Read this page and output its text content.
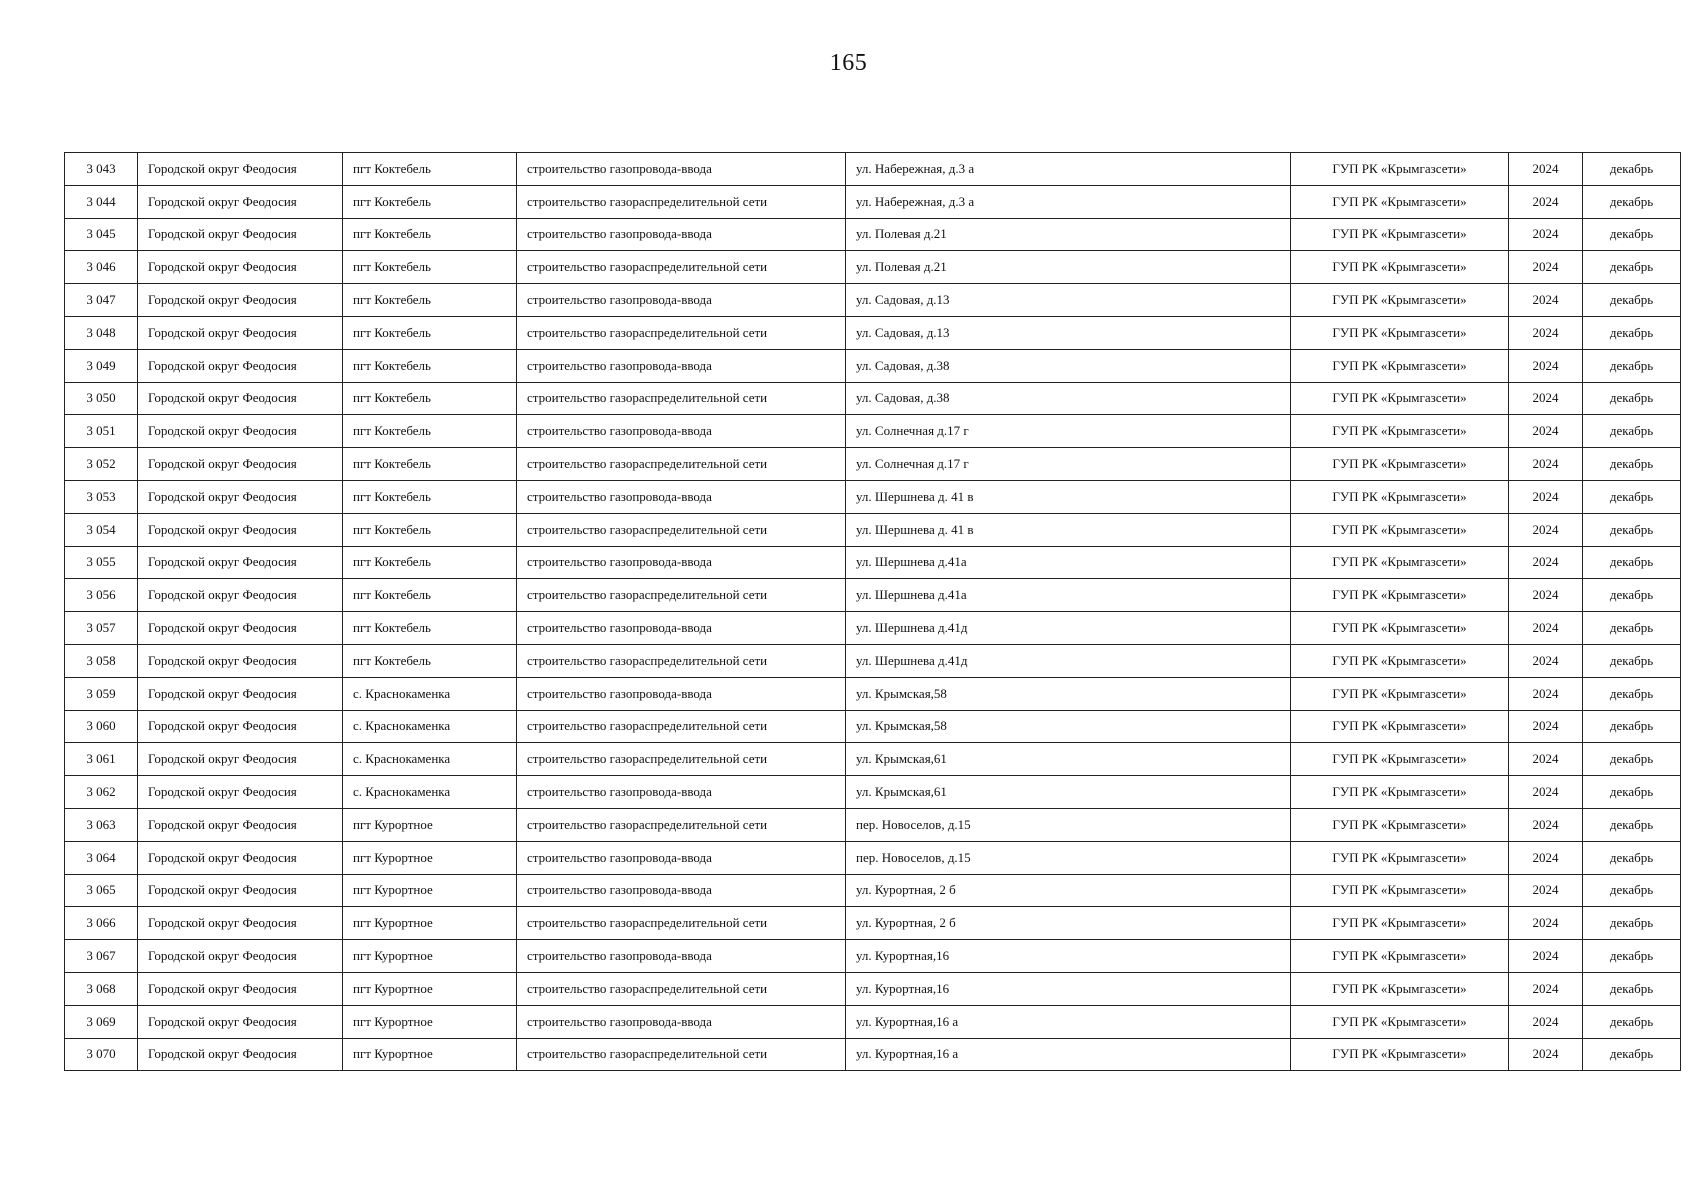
165
3 043	Городской округ Феодосия	пгт Коктебель	строительство газопровода-ввода	ул. Набережная, д.3 а	ГУП РК «Крымгазсети»	2024	декабрь
3 044	Городской округ Феодосия	пгт Коктебель	строительство газораспределительной сети	ул. Набережная, д.3 а	ГУП РК «Крымгазсети»	2024	декабрь
3 045	Городской округ Феодосия	пгт Коктебель	строительство газопровода-ввода	ул. Полевая д.21	ГУП РК «Крымгазсети»	2024	декабрь
3 046	Городской округ Феодосия	пгт Коктебель	строительство газораспределительной сети	ул. Полевая д.21	ГУП РК «Крымгазсети»	2024	декабрь
3 047	Городской округ Феодосия	пгт Коктебель	строительство газопровода-ввода	ул. Садовая, д.13	ГУП РК «Крымгазсети»	2024	декабрь
3 048	Городской округ Феодосия	пгт Коктебель	строительство газораспределительной сети	ул. Садовая, д.13	ГУП РК «Крымгазсети»	2024	декабрь
3 049	Городской округ Феодосия	пгт Коктебель	строительство газопровода-ввода	ул. Садовая, д.38	ГУП РК «Крымгазсети»	2024	декабрь
3 050	Городской округ Феодосия	пгт Коктебель	строительство газораспределительной сети	ул. Садовая, д.38	ГУП РК «Крымгазсети»	2024	декабрь
3 051	Городской округ Феодосия	пгт Коктебель	строительство газопровода-ввода	ул. Солнечная д.17 г	ГУП РК «Крымгазсети»	2024	декабрь
3 052	Городской округ Феодосия	пгт Коктебель	строительство газораспределительной сети	ул. Солнечная д.17 г	ГУП РК «Крымгазсети»	2024	декабрь
3 053	Городской округ Феодосия	пгт Коктебель	строительство газопровода-ввода	ул. Шершнева д. 41 в	ГУП РК «Крымгазсети»	2024	декабрь
3 054	Городской округ Феодосия	пгт Коктебель	строительство газораспределительной сети	ул. Шершнева д. 41 в	ГУП РК «Крымгазсети»	2024	декабрь
3 055	Городской округ Феодосия	пгт Коктебель	строительство газопровода-ввода	ул. Шершнева д.41а	ГУП РК «Крымгазсети»	2024	декабрь
3 056	Городской округ Феодосия	пгт Коктебель	строительство газораспределительной сети	ул. Шершнева д.41а	ГУП РК «Крымгазсети»	2024	декабрь
3 057	Городской округ Феодосия	пгт Коктебель	строительство газопровода-ввода	ул. Шершнева д.41д	ГУП РК «Крымгазсети»	2024	декабрь
3 058	Городской округ Феодосия	пгт Коктебель	строительство газораспределительной сети	ул. Шершнева д.41д	ГУП РК «Крымгазсети»	2024	декабрь
3 059	Городской округ Феодосия	с. Краснокаменка	строительство газопровода-ввода	ул. Крымская,58	ГУП РК «Крымгазсети»	2024	декабрь
3 060	Городской округ Феодосия	с. Краснокаменка	строительство газораспределительной сети	ул. Крымская,58	ГУП РК «Крымгазсети»	2024	декабрь
3 061	Городской округ Феодосия	с. Краснокаменка	строительство газораспределительной сети	ул. Крымская,61	ГУП РК «Крымгазсети»	2024	декабрь
3 062	Городской округ Феодосия	с. Краснокаменка	строительство газопровода-ввода	ул. Крымская,61	ГУП РК «Крымгазсети»	2024	декабрь
3 063	Городской округ Феодосия	пгт Курортное	строительство газораспределительной сети	пер. Новоселов, д.15	ГУП РК «Крымгазсети»	2024	декабрь
3 064	Городской округ Феодосия	пгт Курортное	строительство газопровода-ввода	пер. Новоселов, д.15	ГУП РК «Крымгазсети»	2024	декабрь
3 065	Городской округ Феодосия	пгт Курортное	строительство газопровода-ввода	ул. Курортная, 2 б	ГУП РК «Крымгазсети»	2024	декабрь
3 066	Городской округ Феодосия	пгт Курортное	строительство газораспределительной сети	ул. Курортная, 2 б	ГУП РК «Крымгазсети»	2024	декабрь
3 067	Городской округ Феодосия	пгт Курортное	строительство газопровода-ввода	ул. Курортная,16	ГУП РК «Крымгазсети»	2024	декабрь
3 068	Городской округ Феодосия	пгт Курортное	строительство газораспределительной сети	ул. Курортная,16	ГУП РК «Крымгазсети»	2024	декабрь
3 069	Городской округ Феодосия	пгт Курортное	строительство газопровода-ввода	ул. Курортная,16 а	ГУП РК «Крымгазсети»	2024	декабрь
3 070	Городской округ Феодосия	пгт Курортное	строительство газораспределительной сети	ул. Курортная,16 а	ГУП РК «Крымгазсети»	2024	декабрь
